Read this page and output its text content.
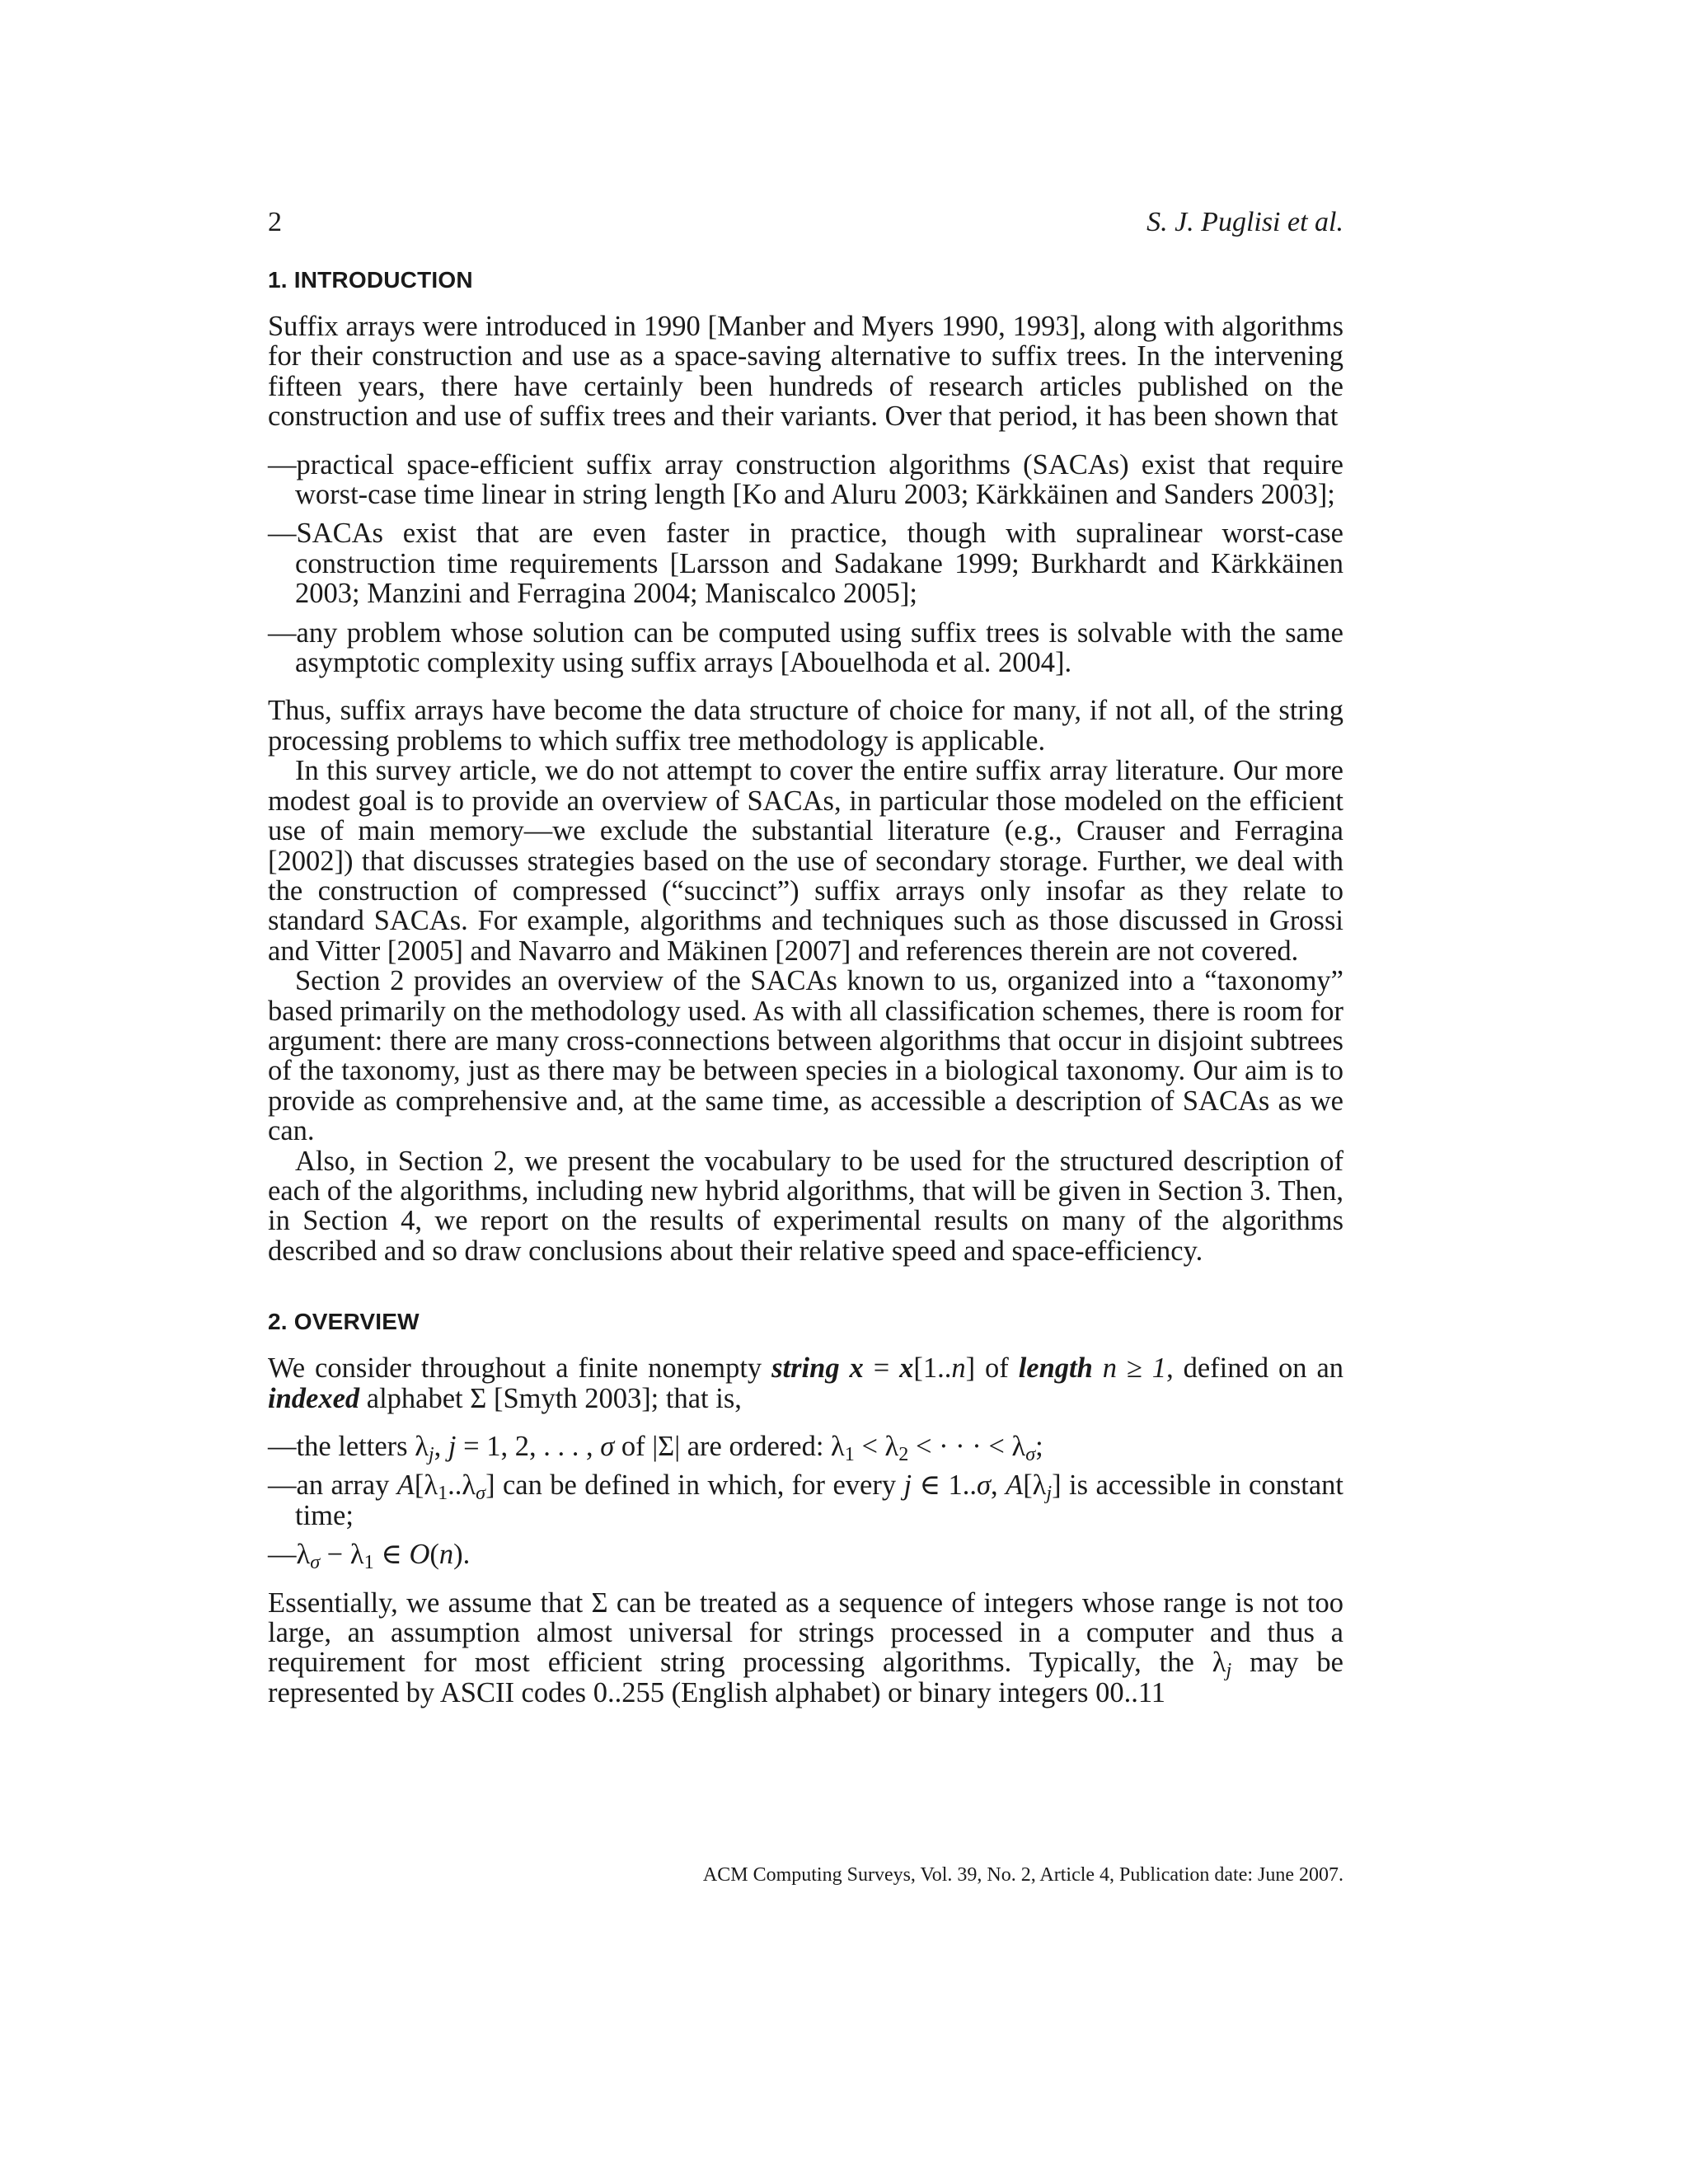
2	S. J. Puglisi et al.
1. INTRODUCTION

Suffix arrays were introduced in 1990 [Manber and Myers 1990, 1993], along with algorithms for their construction and use as a space-saving alternative to suffix trees. In the intervening fifteen years, there have certainly been hundreds of research articles published on the construction and use of suffix trees and their variants. Over that period, it has been shown that

—practical space-efficient suffix array construction algorithms (SACAs) exist that require worst-case time linear in string length [Ko and Aluru 2003; Kärkkäinen and Sanders 2003];
—SACAs exist that are even faster in practice, though with supralinear worst-case construction time requirements [Larsson and Sadakane 1999; Burkhardt and Kärkkäinen 2003; Manzini and Ferragina 2004; Maniscalco 2005];
—any problem whose solution can be computed using suffix trees is solvable with the same asymptotic complexity using suffix arrays [Abouelhoda et al. 2004].

Thus, suffix arrays have become the data structure of choice for many, if not all, of the string processing problems to which suffix tree methodology is applicable.

In this survey article, we do not attempt to cover the entire suffix array literature. Our more modest goal is to provide an overview of SACAs, in particular those modeled on the efficient use of main memory—we exclude the substantial literature (e.g., Crauser and Ferragina [2002]) that discusses strategies based on the use of secondary storage. Further, we deal with the construction of compressed (“succinct”) suffix arrays only insofar as they relate to standard SACAs. For example, algorithms and techniques such as those discussed in Grossi and Vitter [2005] and Navarro and Mäkinen [2007] and references therein are not covered.

Section 2 provides an overview of the SACAs known to us, organized into a “taxonomy” based primarily on the methodology used. As with all classification schemes, there is room for argument: there are many cross-connections between algorithms that occur in disjoint subtrees of the taxonomy, just as there may be between species in a biological taxonomy. Our aim is to provide as comprehensive and, at the same time, as accessible a description of SACAs as we can.

Also, in Section 2, we present the vocabulary to be used for the structured description of each of the algorithms, including new hybrid algorithms, that will be given in Section 3. Then, in Section 4, we report on the results of experimental results on many of the algorithms described and so draw conclusions about their relative speed and space-efficiency.

2. OVERVIEW

We consider throughout a finite nonempty string x = x[1..n] of length n ≥ 1, defined on an indexed alphabet Σ [Smyth 2003]; that is,

—the letters $\lambda_j$, j = 1, 2, . . . , σ of |Σ| are ordered: $\lambda_1 < \lambda_2$ < · · · < $\lambda_\sigma$;
—an array $A[\lambda_1..\lambda_\sigma]$ can be defined in which, for every j ∈ 1..σ, $A[\lambda_j]$ is accessible in constant time;
$—\lambda_\sigma - \lambda_1$ ∈ O(n).

Essentially, we assume that Σ can be treated as a sequence of integers whose range is not too large, an assumption almost universal for strings processed in a computer and thus a requirement for most efficient string processing algorithms. Typically, the $\lambda_j$ may be represented by ASCII codes 0..255 (English alphabet) or binary integers 00..11

ACM Computing Surveys, Vol. 39, No. 2, Article 4, Publication date: June 2007.
